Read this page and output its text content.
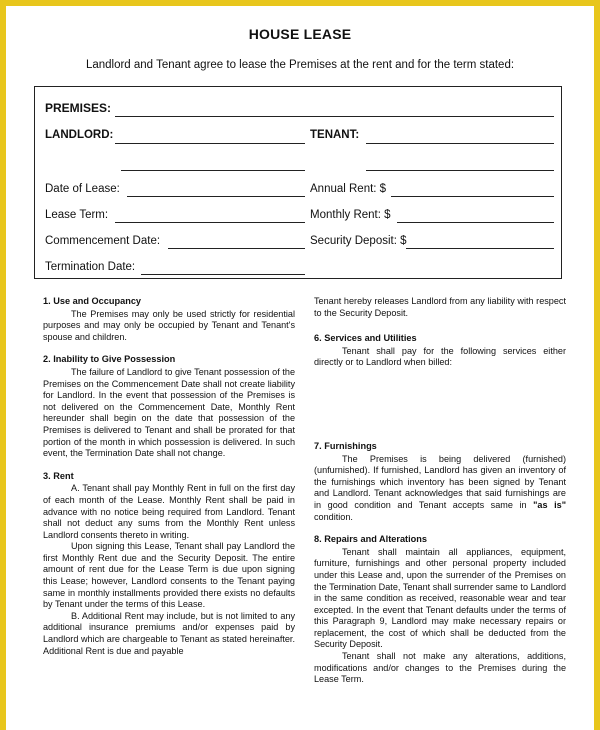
HOUSE LEASE
Landlord and Tenant agree to lease the Premises at the rent and for the term stated:
PREMISES:
LANDLORD:	TENANT:
Date of Lease:	Annual Rent: $
Lease Term:	Monthly Rent: $
Commencement Date:	Security Deposit: $
Termination Date:
1. Use and Occupancy

The Premises may only be used strictly for residential purposes and may only be occupied by Tenant and Tenant's spouse and children.

2. Inability to Give Possession

The failure of Landlord to give Tenant possession of the Premises on the Commencement Date shall not create liability for Landlord. In the event that possession of the Premises is not delivered on the Commencement Date, Monthly Rent hereunder shall begin on the date that possession of the Premises is delivered to Tenant and shall be prorated for that portion of the month in which possession is delivered. In such event, the Termination Date shall not change.

3. Rent

A. Tenant shall pay Monthly Rent in full on the first day of each month of the Lease. Monthly Rent shall be paid in advance with no notice being required from Landlord. Tenant shall not deduct any sums from the Monthly Rent unless Landlord consents thereto in writing.

Upon signing this Lease, Tenant shall pay Landlord the first Monthly Rent due and the Security Deposit. The entire amount of rent due for the Lease Term is due upon signing this Lease; however, Landlord consents to the Tenant paying same in monthly installments provided there exists no defaults by Tenant under the terms of this Lease.

B. Additional Rent may include, but is not limited to any additional insurance premiums and/or expenses paid by Landlord which are chargeable to Tenant as stated hereinafter. Additional Rent is due and payable

Tenant hereby releases Landlord from any liability with respect to the Security Deposit.

6. Services and Utilities

Tenant shall pay for the following services either directly or to Landlord when billed:

7. Furnishings

The Premises is being delivered (furnished) (unfurnished). If furnished, Landlord has given an inventory of the furnishings which inventory has been signed by Tenant and Landlord. Tenant acknowledges that said furnishings are in good condition and Tenant accepts same in "as is" condition.

8. Repairs and Alterations

Tenant shall maintain all appliances, equipment, furniture, furnishings and other personal property included under this Lease and, upon the surrender of the Premises on the Termination Date, Tenant shall surrender same to Landlord in the same condition as received, reasonable wear and tear excepted. In the event that Tenant defaults under the terms of this Paragraph 9, Landlord may make necessary repairs or replacement, the cost of which shall be deducted from the Security Deposit.

Tenant shall not make any alterations, additions, modifications and/or changes to the Premises during the Lease Term.
